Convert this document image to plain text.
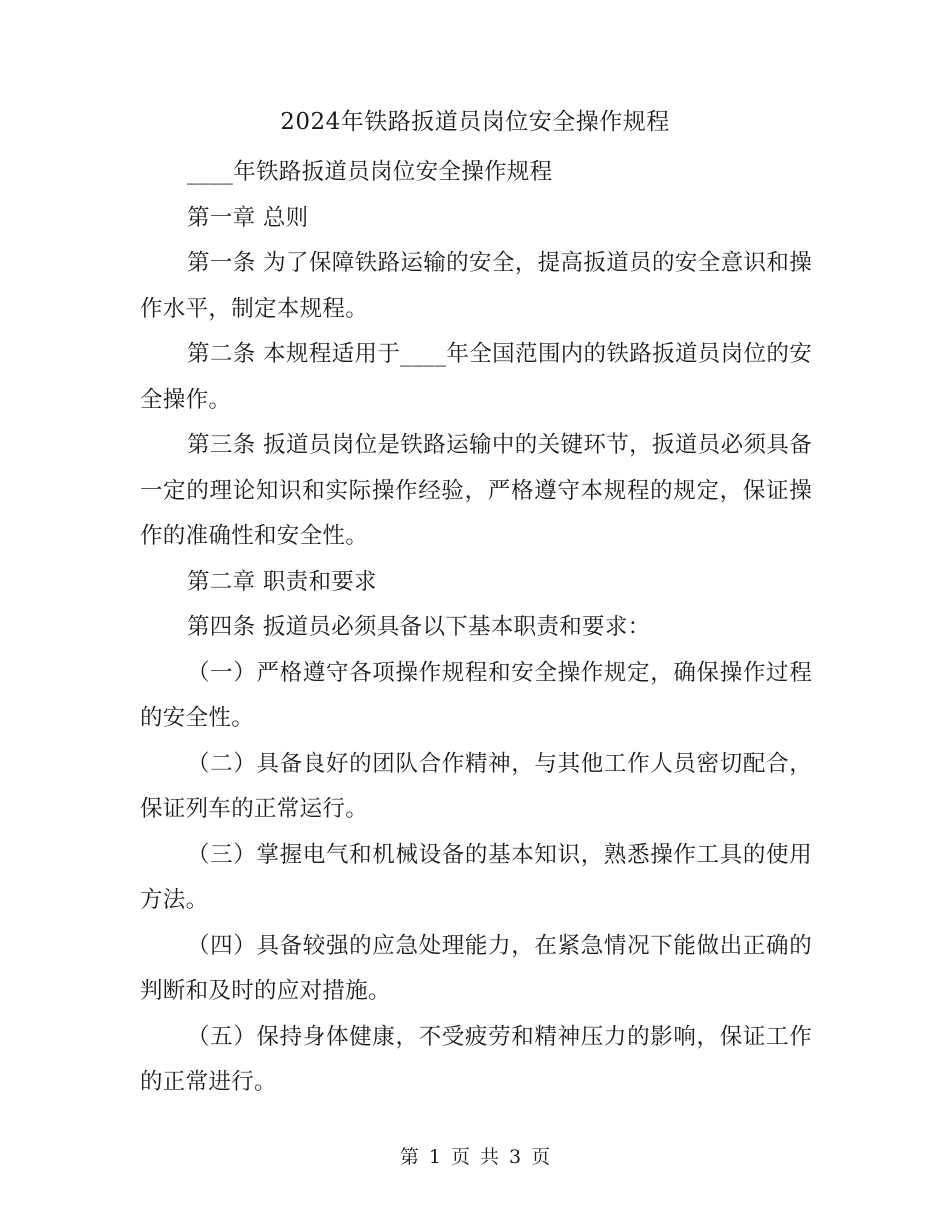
2024年铁路扳道员岗位安全操作规程

____年铁路扳道员岗位安全操作规程

第一章 总则

第一条 为了保障铁路运输的安全，提高扳道员的安全意识和操作水平，制定本规程。

第二条 本规程适用于____年全国范围内的铁路扳道员岗位的安全操作。

第三条 扳道员岗位是铁路运输中的关键环节，扳道员必须具备一定的理论知识和实际操作经验，严格遵守本规程的规定，保证操作的准确性和安全性。

第二章 职责和要求

第四条 扳道员必须具备以下基本职责和要求：

（一）严格遵守各项操作规程和安全操作规定，确保操作过程的安全性。

（二）具备良好的团队合作精神，与其他工作人员密切配合，保证列车的正常运行。

（三）掌握电气和机械设备的基本知识，熟悉操作工具的使用方法。

（四）具备较强的应急处理能力，在紧急情况下能做出正确的判断和及时的应对措施。

（五）保持身体健康，不受疲劳和精神压力的影响，保证工作的正常进行。

第 1 页 共 3 页
